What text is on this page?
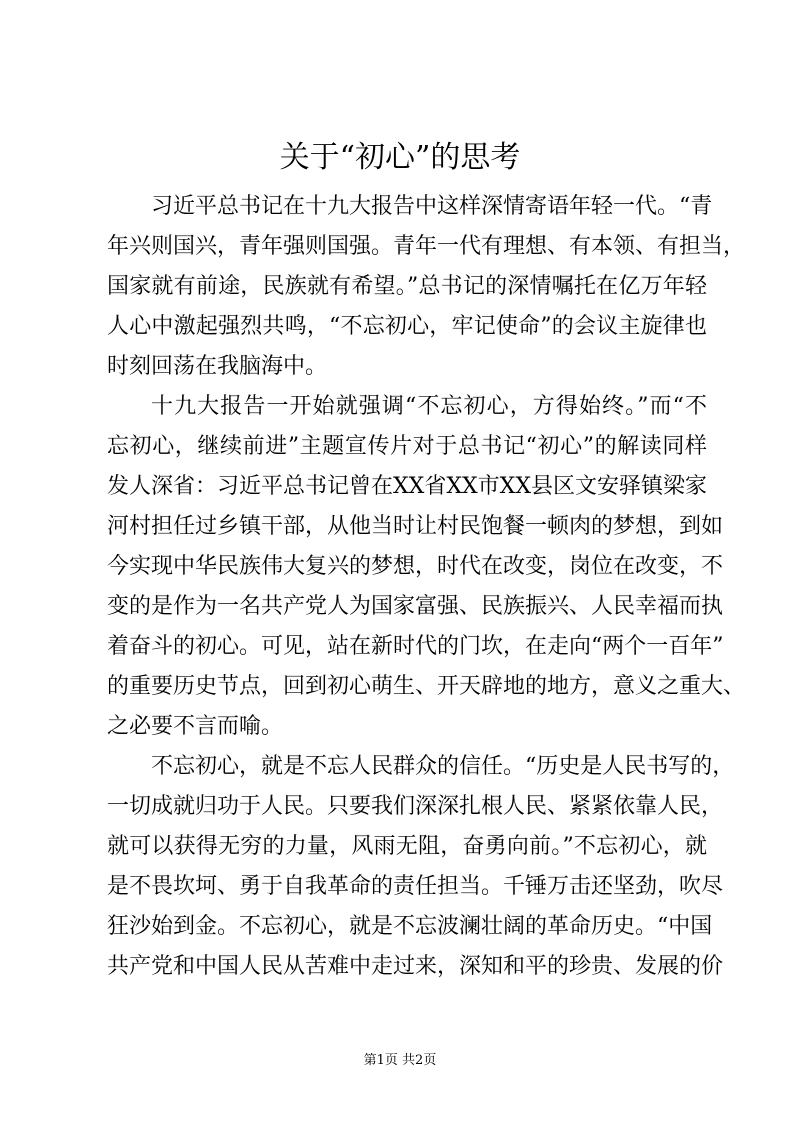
关于“初心”的思考
习近平总书记在十九大报告中这样深情寄语年轻一代。“青
年兴则国兴，青年强则国强。青年一代有理想、有本领、有担当，
国家就有前途，民族就有希望。”总书记的深情嘱托在亿万年轻
人心中激起强烈共鸣，“不忘初心，牢记使命”的会议主旋律也
时刻回荡在我脑海中。
十九大报告一开始就强调“不忘初心，方得始终。”而“不
忘初心，继续前进”主题宣传片对于总书记“初心”的解读同样
发人深省：习近平总书记曾在XX省XX市XX县区文安驿镇梁家
河村担任过乡镇干部，从他当时让村民饱餐一顿肉的梦想，到如
今实现中华民族伟大复兴的梦想，时代在改变，岗位在改变，不
变的是作为一名共产党人为国家富强、民族振兴、人民幸福而执
着奋斗的初心。可见，站在新时代的门坎，在走向“两个一百年”
的重要历史节点，回到初心萌生、开天辟地的地方，意义之重大、
之必要不言而喻。
不忘初心，就是不忘人民群众的信任。“历史是人民书写的，
一切成就归功于人民。只要我们深深扎根人民、紧紧依靠人民，
就可以获得无穷的力量，风雨无阻，奋勇向前。”不忘初心，就
是不畏坎坷、勇于自我革命的责任担当。千锤万击还坚劲，吹尽
狂沙始到金。不忘初心，就是不忘波澜壮阔的革命历史。“中国
共产党和中国人民从苦难中走过来，深知和平的珍贵、发展的价
第1页 共2页
